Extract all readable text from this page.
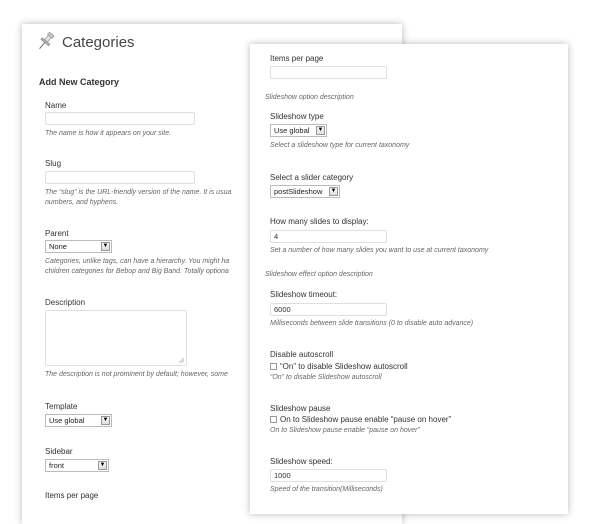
Categories
Add New Category
Name
The name is how it appears on your site.
Slug
The “slug” is the URL-friendly version of the name. It is usua
numbers, and hyphens.
Parent
None	▼
Categories, unlike tags, can have a hierarchy. You might ha
children categories for Bebop and Big Band. Totally optiona
Description
The description is not prominent by default; however, some
Template
Use global	▼
Sidebar
front	▼
Items per page
Items per page
Slideshow option description
Slideshow type
Use global ▼
Select a slideshow type for current taxonomy
Select a slider category
postSlideshow ▼
How many slides to display:
4
Set a number of how many slides you want to use at current taxonomy
Slideshow effect option description
Slideshow timeout:
6000
Milliseconds between slide transitions (0 to disable auto advance)
Disable autoscroll
“On” to disable Slideshow autoscroll
“On” to disable Slideshow autoscroll
Slideshow pause
On to Slideshow pause enable “pause on hover”
On to Slideshow pause enable “pause on hover”
Slideshow speed:
1000
Speed of the transition(Milliseconds)
